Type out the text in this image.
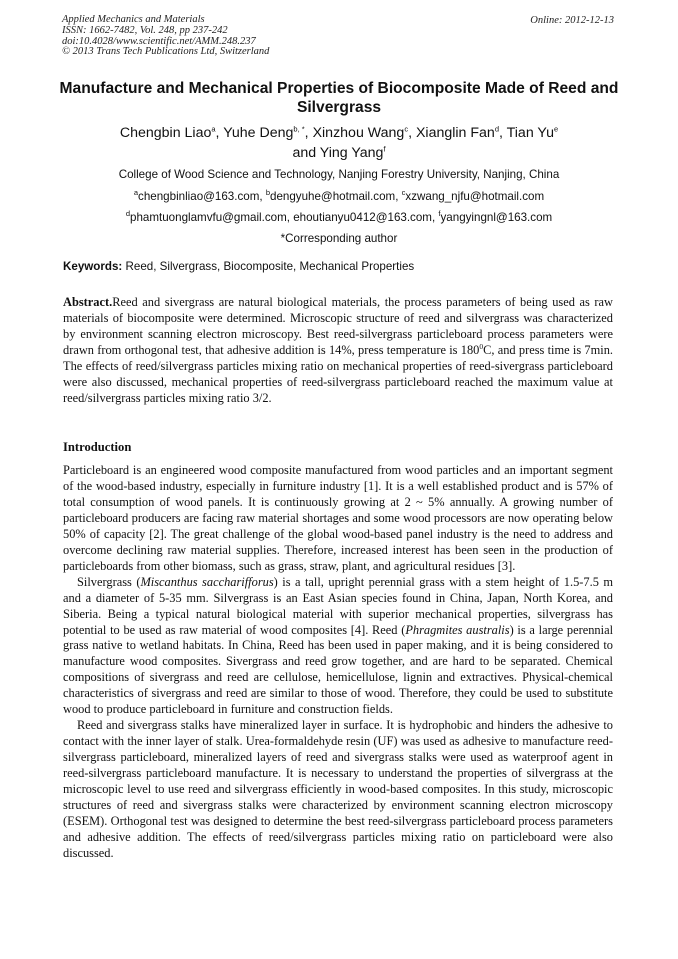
Applied Mechanics and Materials
ISSN: 1662-7482, Vol. 248, pp 237-242
doi:10.4028/www.scientific.net/AMM.248.237
© 2013 Trans Tech Publications Ltd, Switzerland
Online: 2012-12-13
Manufacture and Mechanical Properties of Biocomposite Made of Reed and Silvergrass
Chengbin Liao$^a$, Yuhe Deng$^{b, *}$, Xinzhou Wang$^c$, Xianglin Fan$^d$, Tian Yu$^e$
and Ying Yang$^f$
College of Wood Science and Technology, Nanjing Forestry University, Nanjing, China
$^a$chengbinliao@163.com, $^b$dengyuhe@hotmail.com, $^c$xzwang_njfu@hotmail.com
$^d$phamtuonglamvfu@gmail.com, ehoutianyu0412@163.com, $^f$yangyingnl@163.com
*Corresponding author
Keywords: Reed, Silvergrass, Biocomposite, Mechanical Properties
Abstract.Reed and sivergrass are natural biological materials, the process parameters of being used as raw materials of biocomposite were determined. Microscopic structure of reed and silvergrass was characterized by environment scanning electron microscopy. Best reed-silvergrass particleboard process parameters were drawn from orthogonal test, that adhesive addition is 14%, press temperature is $180^0C$, and press time is 7min. The effects of reed/silvergrass particles mixing ratio on mechanical properties of reed-sivergrass particleboard were also discussed, mechanical properties of reed-silvergrass particleboard reached the maximum value at reed/silvergrass particles mixing ratio 3/2.
Introduction

Particleboard is an engineered wood composite manufactured from wood particles and an important segment of the wood-based industry, especially in furniture industry [1]. It is a well established product and is 57% of total consumption of wood panels. It is continuously growing at 2 ~ 5% annually. A growing number of particleboard producers are facing raw material shortages and some wood processors are now operating below 50% of capacity [2]. The great challenge of the global wood-based panel industry is the need to address and overcome declining raw material supplies. Therefore, increased interest has been seen in the production of particleboards from other biomass, such as grass, straw, plant, and agricultural residues [3].

Silvergrass (Miscanthus saccharifforus) is a tall, upright perennial grass with a stem height of 1.5-7.5 m and a diameter of 5-35 mm. Silvergrass is an East Asian species found in China, Japan, North Korea, and Siberia. Being a typical natural biological material with superior mechanical properties, silvergrass has potential to be used as raw material of wood composites [4]. Reed (Phragmites australis) is a large perennial grass native to wetland habitats. In China, Reed has been used in paper making, and it is being considered to manufacture wood composites. Sivergrass and reed grow together, and are hard to be separated. Chemical compositions of sivergrass and reed are cellulose, hemicellulose, lignin and extractives. Physical-chemical characteristics of sivergrass and reed are similar to those of wood. Therefore, they could be used to substitute wood to produce particleboard in furniture and construction fields.

Reed and sivergrass stalks have mineralized layer in surface. It is hydrophobic and hinders the adhesive to contact with the inner layer of stalk. Urea-formaldehyde resin (UF) was used as adhesive to manufacture reed-silvergrass particleboard, mineralized layers of reed and sivergrass stalks were used as waterproof agent in reed-silvergrass particleboard manufacture. It is necessary to understand the properties of silvergrass at the microscopic level to use reed and silvergrass efficiently in wood-based composites. In this study, microscopic structures of reed and sivergrass stalks were characterized by environment scanning electron microscopy (ESEM). Orthogonal test was designed to determine the best reed-silvergrass particleboard process parameters and adhesive addition. The effects of reed/silvergrass particles mixing ratio on particleboard were also discussed.
